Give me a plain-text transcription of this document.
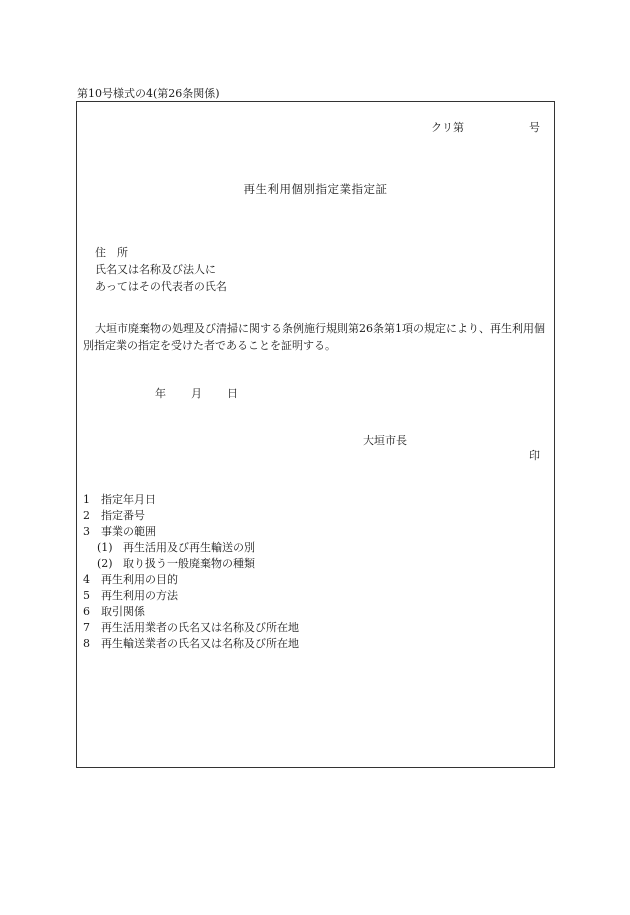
第10号様式の4(第26条関係)
クリ第	号
再生利用個別指定業指定証
住　所
氏名又は名称及び法人に
あってはその代表者の氏名
大垣市廃棄物の処理及び清掃に関する条例施行規則第26条第1項の規定により、再生利用個別指定業の指定を受けた者であることを証明する。
年 月 日
大垣市長
印
1 指定年月日
2 指定番号
3 事業の範囲
(1) 再生活用及び再生輸送の別
(2) 取り扱う一般廃棄物の種類
4 再生利用の目的
5 再生利用の方法
6 取引関係
7 再生活用業者の氏名又は名称及び所在地
8 再生輸送業者の氏名又は名称及び所在地
